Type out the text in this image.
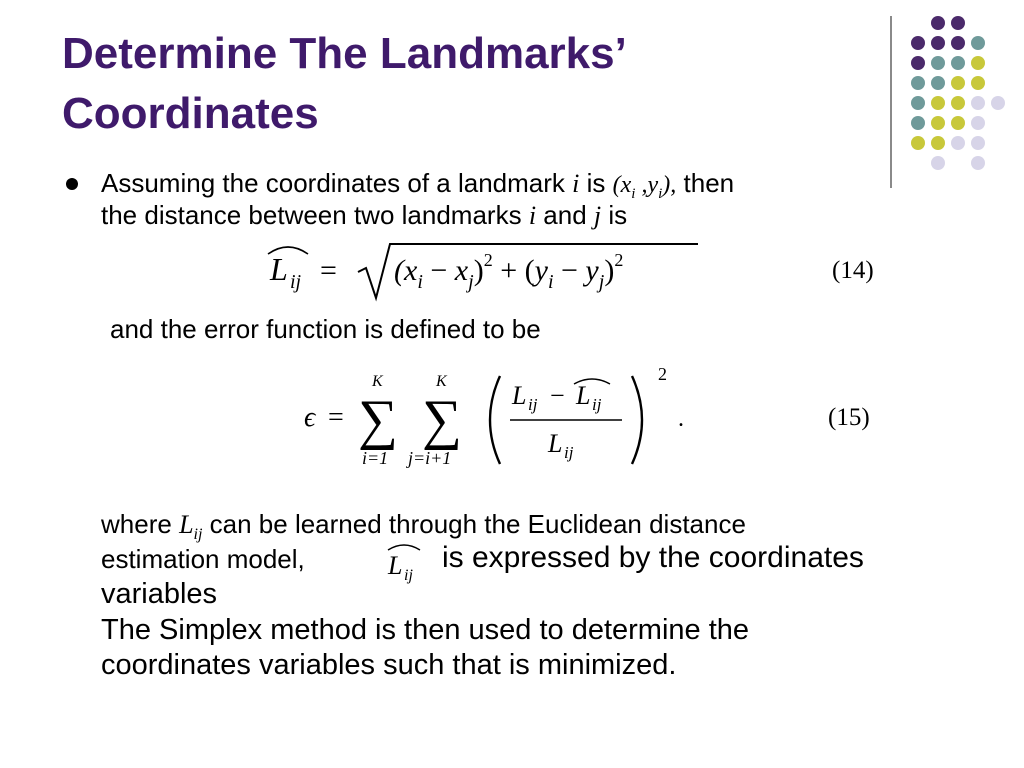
Determine The Landmarks’
Coordinates
Assuming the coordinates of a landmark i is ($x_i$ $,y_i$), then
the distance between two landmarks i and j is
L ij = $(x_i - x_j)^2 + (y_i - y_j)^2$	(14)
and the error function is defined to be
ϵ =
K
∑
i=1
K
∑
j=i+1
L ij − L ij
L ij
2
.	(15)
where $L_{ij}$ can be learned through the Euclidean distance
estimation model,	L ij
is expressed by the coordinates
variables
The Simplex method is then used to determine the
coordinates variables such that is minimized.
